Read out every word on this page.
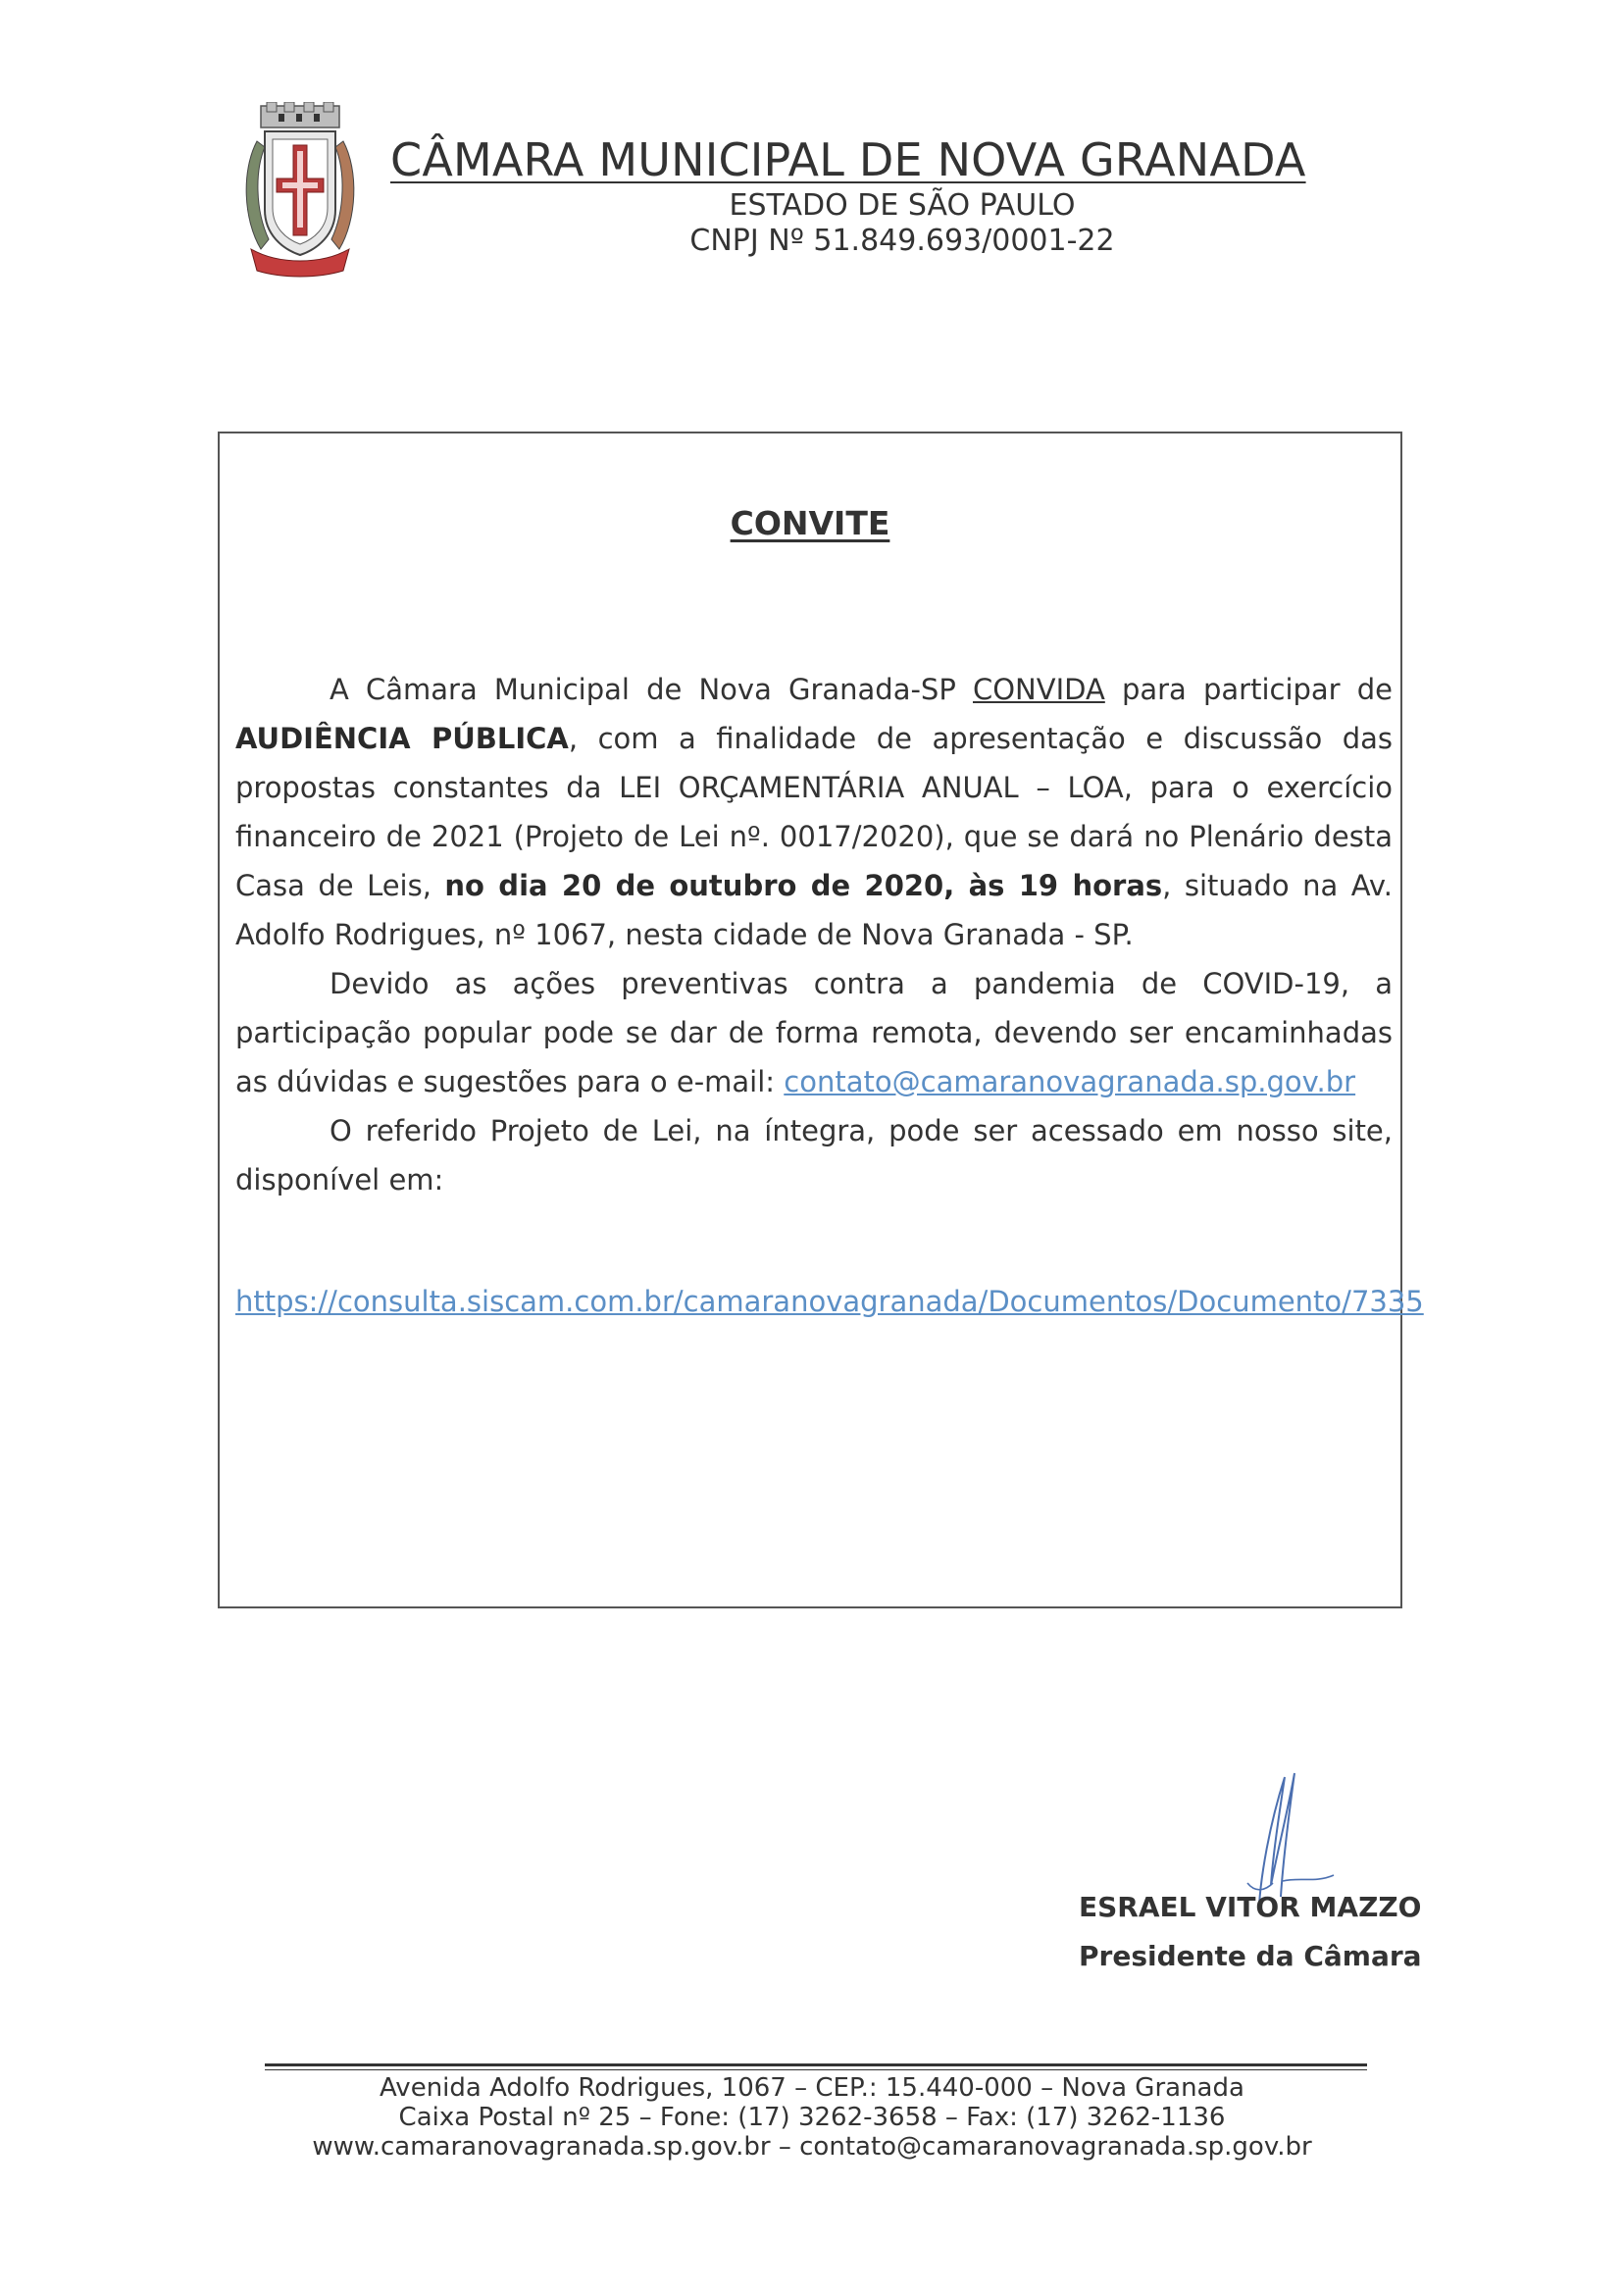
CÂMARA MUNICIPAL DE NOVA GRANADA
ESTADO DE SÃO PAULO
CNPJ Nº 51.849.693/0001-22
CONVITE

A Câmara Municipal de Nova Granada-SP CONVIDA para participar de AUDIÊNCIA PÚBLICA, com a finalidade de apresentação e discussão das propostas constantes da LEI ORÇAMENTÁRIA ANUAL – LOA, para o exercício financeiro de 2021 (Projeto de Lei nº. 0017/2020), que se dará no Plenário desta Casa de Leis, no dia 20 de outubro de 2020, às 19 horas, situado na Av. Adolfo Rodrigues, nº 1067, nesta cidade de Nova Granada - SP.

Devido as ações preventivas contra a pandemia de COVID-19, a participação popular pode se dar de forma remota, devendo ser encaminhadas as dúvidas e sugestões para o e-mail: contato@camaranovagranada.sp.gov.br

O referido Projeto de Lei, na íntegra, pode ser acessado em nosso site, disponível em:

https://consulta.siscam.com.br/camaranovagranada/Documentos/Documento/7335
ESRAEL VITOR MAZZO
Presidente da Câmara
Avenida Adolfo Rodrigues, 1067 – CEP.: 15.440-000 – Nova Granada
Caixa Postal nº 25 – Fone: (17) 3262-3658 – Fax: (17) 3262-1136
www.camaranovagranada.sp.gov.br – contato@camaranovagranada.sp.gov.br
